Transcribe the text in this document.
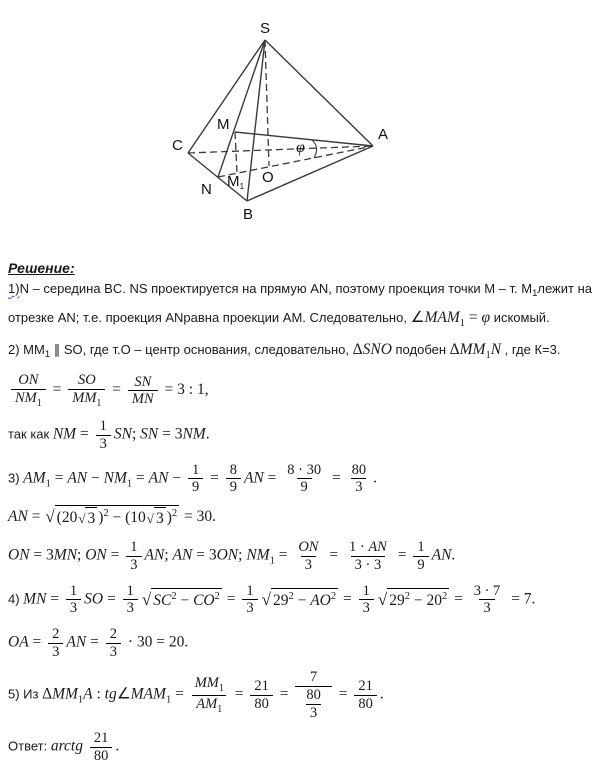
S
A
C
B
N
M
O
$M_1$
φ
Решение:
1)N – середина BC. NS проектируется на прямую AN, поэтому проекция точки M – т. $M_1лежит$ на
отрезке AN; т.е. проекция ANравна проекции AM. Следовательно, $\angle MAM_1 = \varphi$ искомый.
2) $MM_1$ ∥ SO, где т.О – центр основания, следовательно, ΔSNO подобен $\Delta MM_1N$ , где К=3.
$\frac{ON}{NM_1} = \frac{SO}{MM_1} = \frac{SN}{MN} = 3$ : 1,
так как NM = $\frac{1}{3}$ SN; SN = 3NM.
3) $AM_1$ = AN − $NM_1$ = AN − $\frac{1}{9} = \frac{8}{9}$ AN = $\frac{8 \cdot 30}{9} = \frac{80}{3}$ .
AN = √ (20 √ 3 )$^2$ − (10 √ 3 )$^2$ = 30.
ON = 3MN; ON = $\frac{1}{3}$ AN; AN = 3ON; $NM_1 = \frac{ON}{3} = \frac{1 \cdot AN}{3 \cdot 3} = \frac{1}{9}$ AN.
4) MN = $\frac{1}{3}$ SO = $\frac{1}{3}$ √ $SC^2 - CO^2 = \frac{1}{3}$ √ $29^2 - AO^2 = \frac{1}{3}$ √ $29^2 - 20^2 = \frac{3 \cdot 7}{3} = 7$.
OA = $\frac{2}{3}$ AN = $\frac{2}{3} \cdot 30 = 20$.
5) Из $\Delta MM_1A$ : $tg\angle MAM_1 = \frac{MM_1}{AM_1} = \frac{21}{80} = \frac{7}{\frac{80}{3}} = \frac{21}{80}$ .
Ответ: arctg $\frac{21}{80}$ .
